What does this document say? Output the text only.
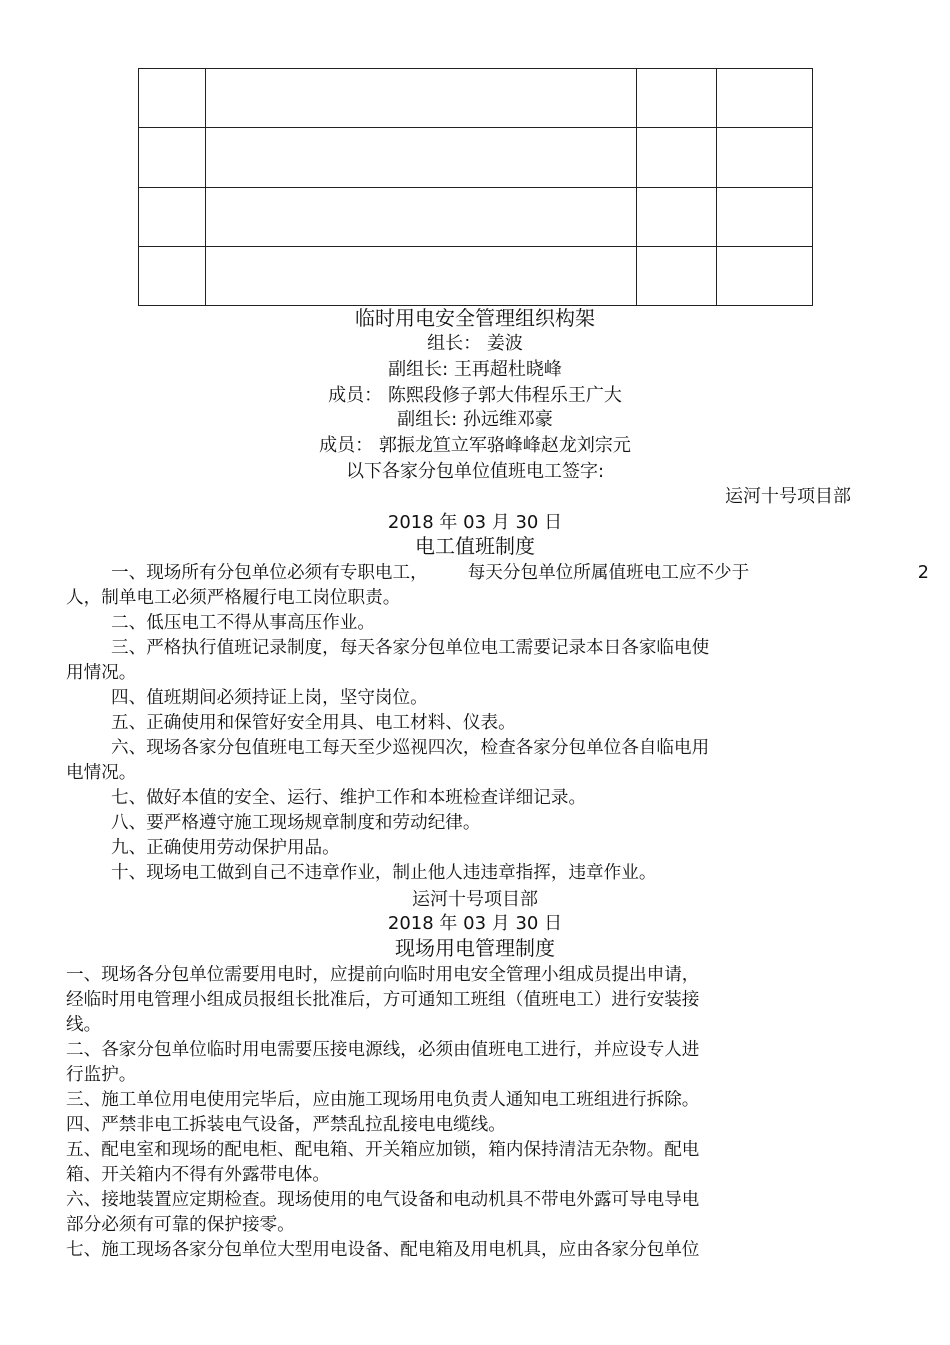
临时用电安全管理组织构架
组长： 姜波
副组长: 王再超杜晓峰
成员： 陈熙段修子郭大伟程乐王广大
副组长: 孙远维邓豪
成员： 郭振龙笪立军骆峰峰赵龙刘宗元
以下各家分包单位值班电工签字:
运河十号项目部
2018 年 03 月 30 日
电工值班制度
一、现场所有分包单位必须有专职电工， 每天分包单位所属值班电工应不少于	2
人，制单电工必须严格履行电工岗位职责。
二、低压电工不得从事高压作业。
三、严格执行值班记录制度，每天各家分包单位电工需要记录本日各家临电使
用情况。
四、值班期间必须持证上岗，坚守岗位。
五、正确使用和保管好安全用具、电工材料、仪表。
六、现场各家分包值班电工每天至少巡视四次，检查各家分包单位各自临电用
电情况。
七、做好本值的安全、运行、维护工作和本班检查详细记录。
八、要严格遵守施工现场规章制度和劳动纪律。
九、正确使用劳动保护用品。
十、现场电工做到自己不违章作业，制止他人违违章指挥，违章作业。
运河十号项目部
2018 年 03 月 30 日
现场用电管理制度
一、现场各分包单位需要用电时，应提前向临时用电安全管理小组成员提出申请，
经临时用电管理小组成员报组长批准后，方可通知工班组（值班电工）进行安装接
线。
二、各家分包单位临时用电需要压接电源线，必须由值班电工进行，并应设专人进
行监护。
三、施工单位用电使用完毕后，应由施工现场用电负责人通知电工班组进行拆除。
四、严禁非电工拆装电气设备，严禁乱拉乱接电电缆线。
五、配电室和现场的配电柜、配电箱、开关箱应加锁，箱内保持清洁无杂物。配电
箱、开关箱内不得有外露带电体。
六、接地装置应定期检查。现场使用的电气设备和电动机具不带电外露可导电导电
部分必须有可靠的保护接零。
七、施工现场各家分包单位大型用电设备、配电箱及用电机具，应由各家分包单位
